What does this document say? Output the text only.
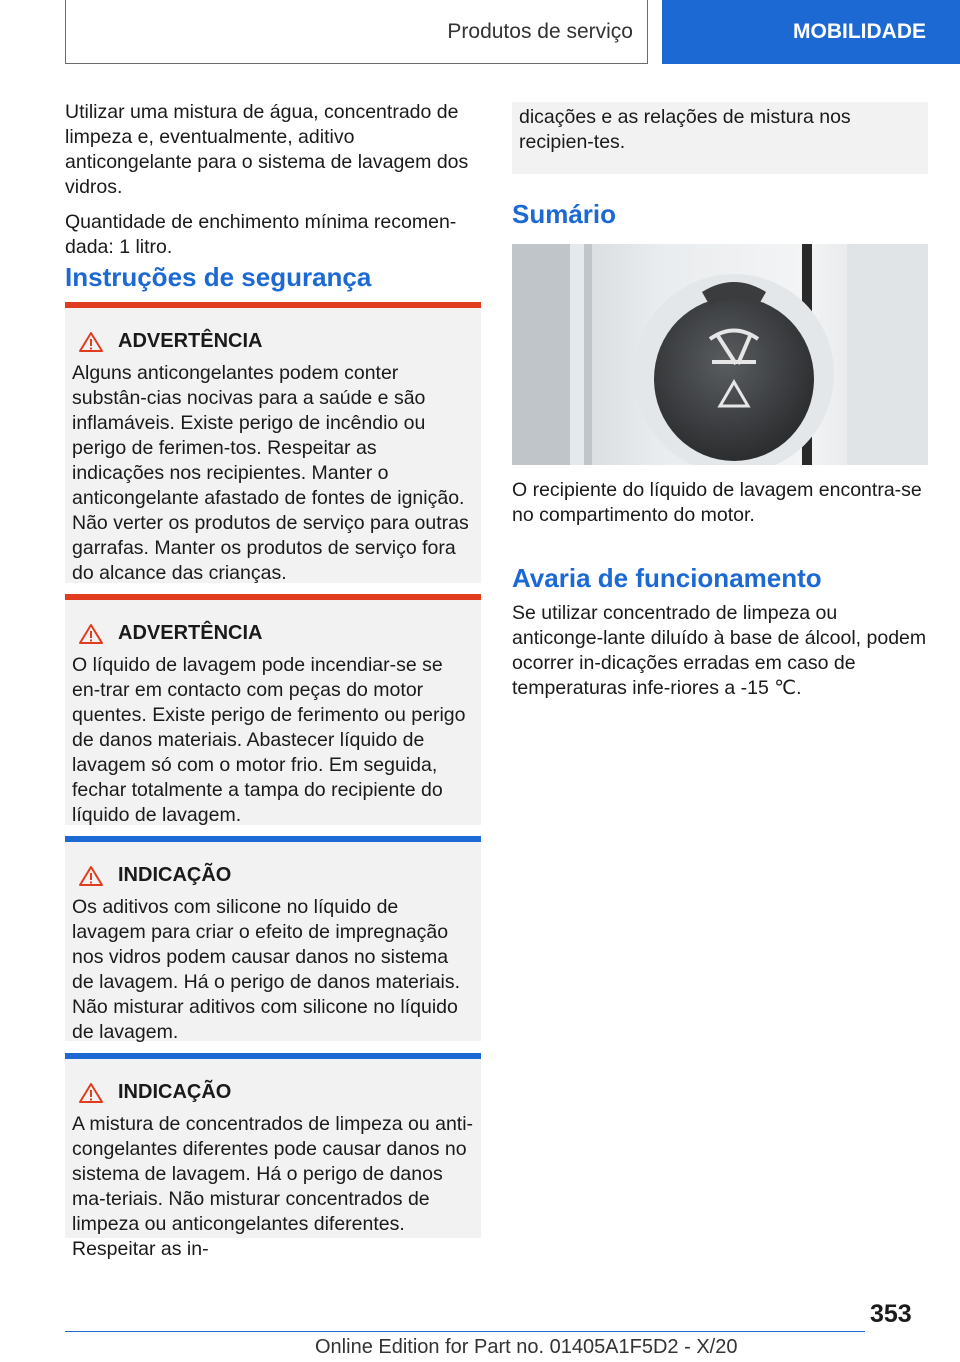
Produtos de serviço	MOBILIDADE

Utilizar uma mistura de água, concentrado de limpeza e, eventualmente, aditivo anticongelante para o sistema de lavagem dos vidros.

Quantidade de enchimento mínima recomen-dada: 1 litro.

Instruções de segurança
ADVERTÊNCIA
Alguns anticongelantes podem conter substân-cias nocivas para a saúde e são inflamáveis. Existe perigo de incêndio ou perigo de ferimen-tos. Respeitar as indicações nos recipientes. Manter o anticongelante afastado de fontes de ignição. Não verter os produtos de serviço para outras garrafas. Manter os produtos de serviço fora do alcance das crianças.
ADVERTÊNCIA
O líquido de lavagem pode incendiar-se se en-trar em contacto com peças do motor quentes. Existe perigo de ferimento ou perigo de danos materiais. Abastecer líquido de lavagem só com o motor frio. Em seguida, fechar totalmente a tampa do recipiente do líquido de lavagem.
INDICAÇÃO
Os aditivos com silicone no líquido de lavagem para criar o efeito de impregnação nos vidros podem causar danos no sistema de lavagem. Há o perigo de danos materiais. Não misturar aditivos com silicone no líquido de lavagem.
INDICAÇÃO
A mistura de concentrados de limpeza ou anti-congelantes diferentes pode causar danos no sistema de lavagem. Há o perigo de danos ma-teriais. Não misturar concentrados de limpeza ou anticongelantes diferentes. Respeitar as in-
dicações e as relações de mistura nos recipien-tes.
Sumário

O recipiente do líquido de lavagem encontra-se no compartimento do motor.

Avaria de funcionamento

Se utilizar concentrado de limpeza ou anticonge-lante diluído à base de álcool, podem ocorrer in-dicações erradas em caso de temperaturas infe-riores a -15 ℃.

353
Online Edition for Part no. 01405A1F5D2 - X/20
